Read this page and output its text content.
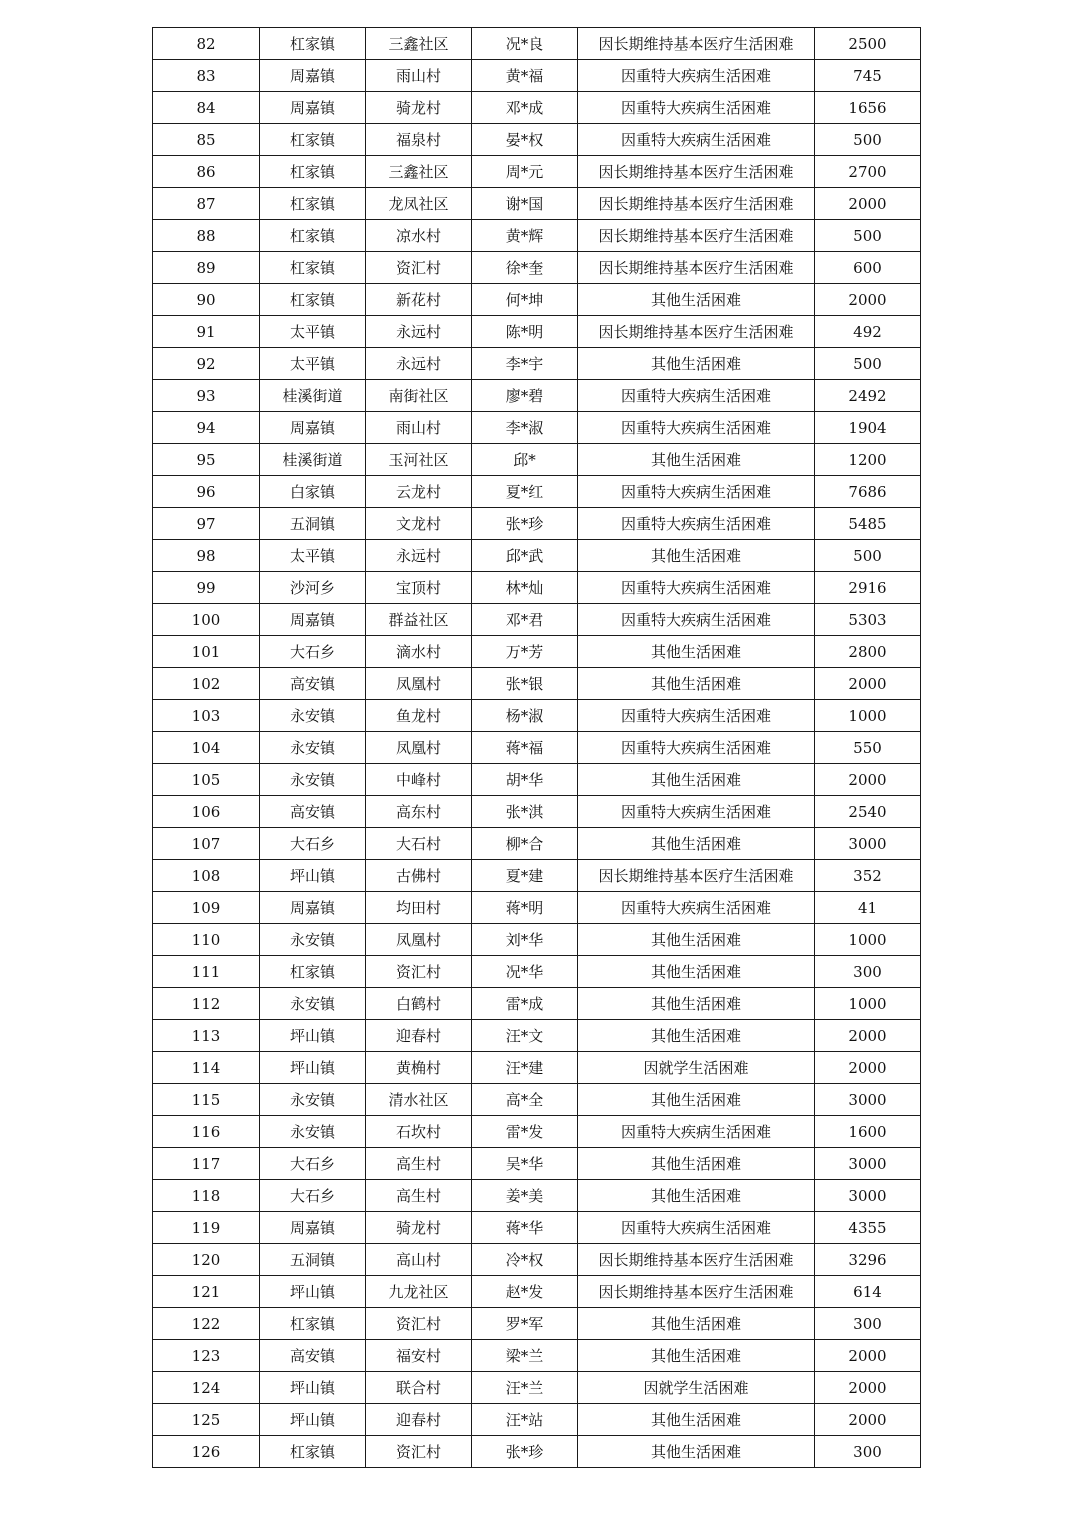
82	杠家镇	三鑫社区	况*良	因长期维持基本医疗生活困难	2500
83	周嘉镇	雨山村	黄*福	因重特大疾病生活困难	745
84	周嘉镇	骑龙村	邓*成	因重特大疾病生活困难	1656
85	杠家镇	福泉村	晏*权	因重特大疾病生活困难	500
86	杠家镇	三鑫社区	周*元	因长期维持基本医疗生活困难	2700
87	杠家镇	龙凤社区	谢*国	因长期维持基本医疗生活困难	2000
88	杠家镇	凉水村	黄*辉	因长期维持基本医疗生活困难	500
89	杠家镇	资汇村	徐*奎	因长期维持基本医疗生活困难	600
90	杠家镇	新花村	何*坤	其他生活困难	2000
91	太平镇	永远村	陈*明	因长期维持基本医疗生活困难	492
92	太平镇	永远村	李*宇	其他生活困难	500
93	桂溪街道	南街社区	廖*碧	因重特大疾病生活困难	2492
94	周嘉镇	雨山村	李*淑	因重特大疾病生活困难	1904
95	桂溪街道	玉河社区	邱*	其他生活困难	1200
96	白家镇	云龙村	夏*红	因重特大疾病生活困难	7686
97	五洞镇	文龙村	张*珍	因重特大疾病生活困难	5485
98	太平镇	永远村	邱*武	其他生活困难	500
99	沙河乡	宝顶村	林*灿	因重特大疾病生活困难	2916
100	周嘉镇	群益社区	邓*君	因重特大疾病生活困难	5303
101	大石乡	滴水村	万*芳	其他生活困难	2800
102	高安镇	凤凰村	张*银	其他生活困难	2000
103	永安镇	鱼龙村	杨*淑	因重特大疾病生活困难	1000
104	永安镇	凤凰村	蒋*福	因重特大疾病生活困难	550
105	永安镇	中峰村	胡*华	其他生活困难	2000
106	高安镇	高东村	张*淇	因重特大疾病生活困难	2540
107	大石乡	大石村	柳*合	其他生活困难	3000
108	坪山镇	古佛村	夏*建	因长期维持基本医疗生活困难	352
109	周嘉镇	均田村	蒋*明	因重特大疾病生活困难	41
110	永安镇	凤凰村	刘*华	其他生活困难	1000
111	杠家镇	资汇村	况*华	其他生活困难	300
112	永安镇	白鹤村	雷*成	其他生活困难	1000
113	坪山镇	迎春村	汪*文	其他生活困难	2000
114	坪山镇	黄桷村	汪*建	因就学生活困难	2000
115	永安镇	清水社区	高*全	其他生活困难	3000
116	永安镇	石坎村	雷*发	因重特大疾病生活困难	1600
117	大石乡	高生村	吴*华	其他生活困难	3000
118	大石乡	高生村	姜*美	其他生活困难	3000
119	周嘉镇	骑龙村	蒋*华	因重特大疾病生活困难	4355
120	五洞镇	高山村	冷*权	因长期维持基本医疗生活困难	3296
121	坪山镇	九龙社区	赵*发	因长期维持基本医疗生活困难	614
122	杠家镇	资汇村	罗*军	其他生活困难	300
123	高安镇	福安村	梁*兰	其他生活困难	2000
124	坪山镇	联合村	汪*兰	因就学生活困难	2000
125	坪山镇	迎春村	汪*站	其他生活困难	2000
126	杠家镇	资汇村	张*珍	其他生活困难	300
